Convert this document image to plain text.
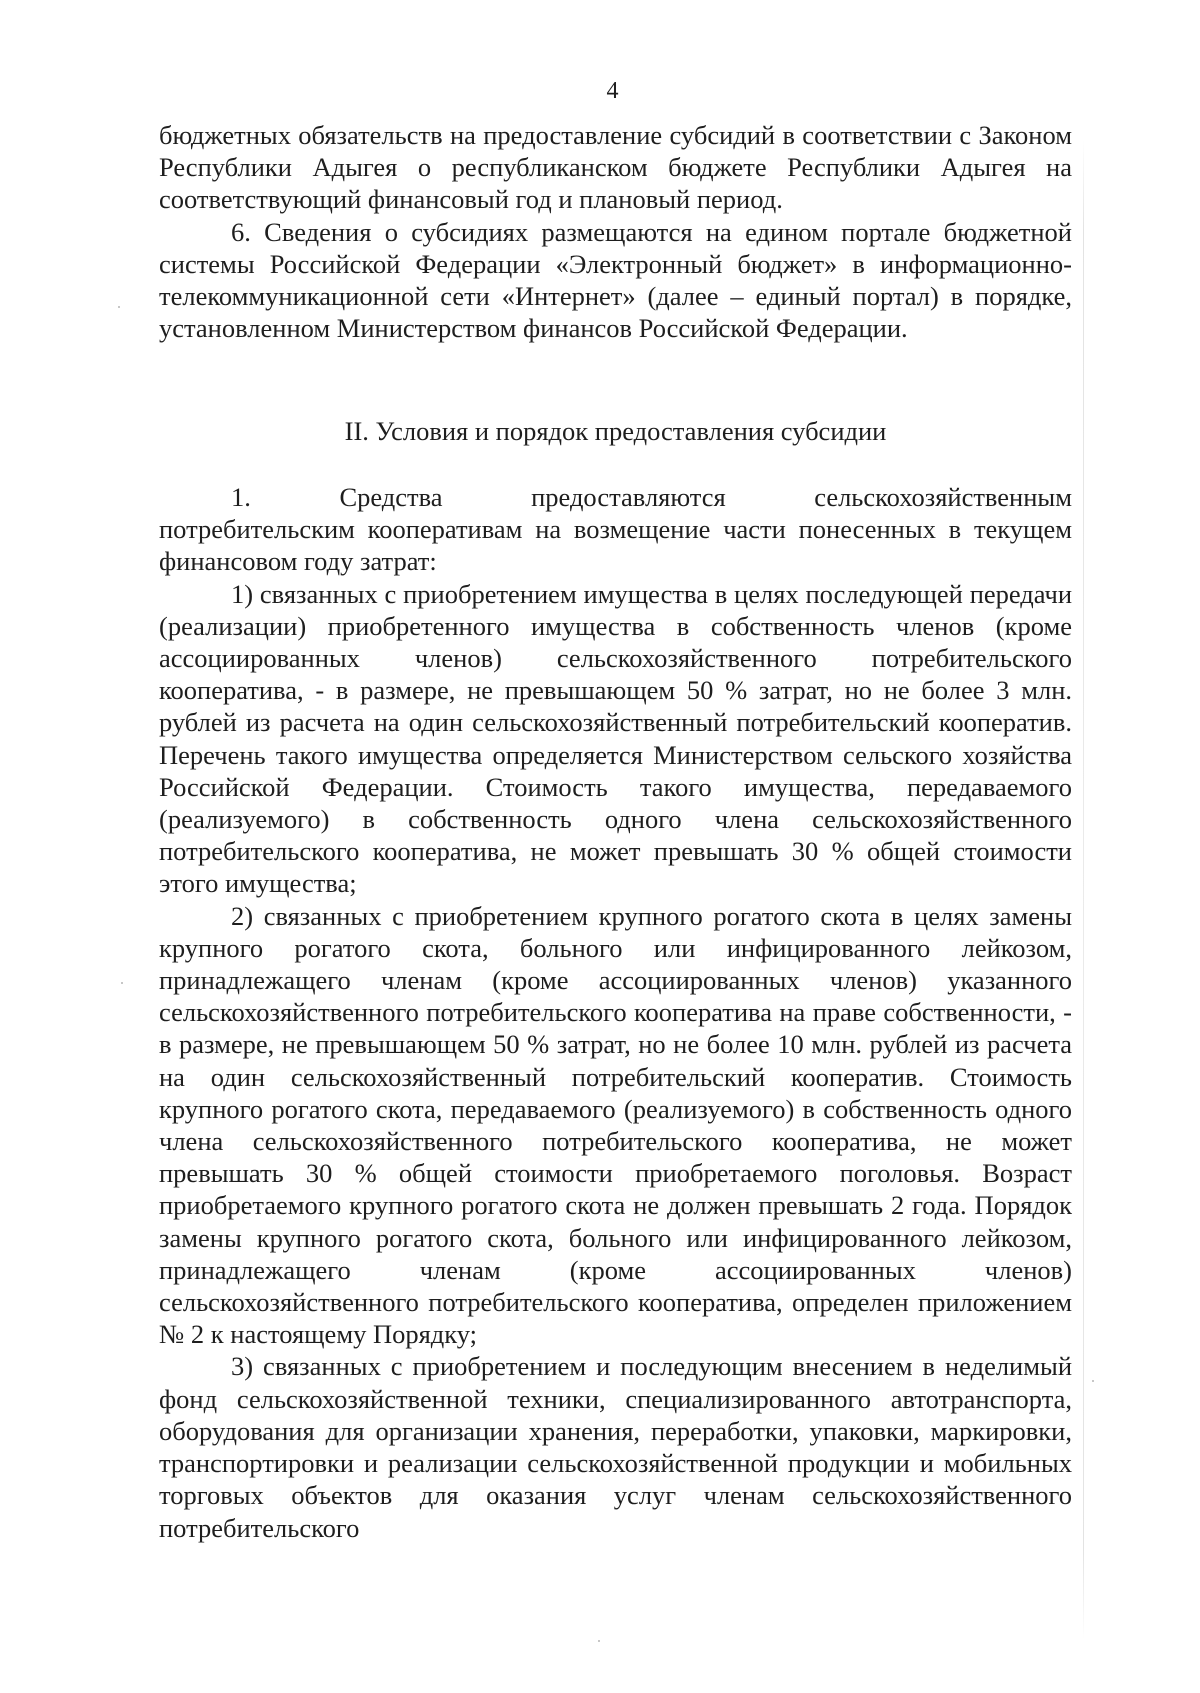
4

бюджетных обязательств на предоставление субсидий в соответствии с Законом Республики Адыгея о республиканском бюджете Республики Адыгея на соответствующий финансовый год и плановый период.

6. Сведения о субсидиях размещаются на едином портале бюджетной системы Российской Федерации «Электронный бюджет» в информационно-телекоммуникационной сети «Интернет» (далее – единый портал) в порядке, установленном Министерством финансов Российской Федерации.

II. Условия и порядок предоставления субсидии

1. Средства предоставляются сельскохозяйственным

потребительским кооперативам на возмещение части понесенных в текущем финансовом году затрат:

1) связанных с приобретением имущества в целях последующей передачи (реализации) приобретенного имущества в собственность членов (кроме ассоциированных членов) сельскохозяйственного потребительского кооператива, - в размере, не превышающем 50 % затрат, но не более 3 млн. рублей из расчета на один сельскохозяйственный потребительский кооператив. Перечень такого имущества определяется Министерством сельского хозяйства Российской Федерации. Стоимость такого имущества, передаваемого (реализуемого) в собственность одного члена сельскохозяйственного потребительского кооператива, не может превышать 30 % общей стоимости этого имущества;

2) связанных с приобретением крупного рогатого скота в целях замены крупного рогатого скота, больного или инфицированного лейкозом, принадлежащего членам (кроме ассоциированных членов) указанного сельскохозяйственного потребительского кооператива на праве собственности, - в размере, не превышающем 50 % затрат, но не более 10 млн. рублей из расчета на один сельскохозяйственный потребительский кооператив. Стоимость крупного рогатого скота, передаваемого (реализуемого) в собственность одного члена сельскохозяйственного потребительского кооператива, не может превышать 30 % общей стоимости приобретаемого поголовья. Возраст приобретаемого крупного рогатого скота не должен превышать 2 года. Порядок замены крупного рогатого скота, больного или инфицированного лейкозом, принадлежащего членам (кроме ассоциированных членов) сельскохозяйственного потребительского кооператива, определен приложением № 2 к настоящему Порядку;

3) связанных с приобретением и последующим внесением в неделимый фонд сельскохозяйственной техники, специализированного автотранспорта, оборудования для организации хранения, переработки, упаковки, маркировки, транспортировки и реализации сельскохозяйственной продукции и мобильных торговых объектов для оказания услуг членам сельскохозяйственного потребительского
